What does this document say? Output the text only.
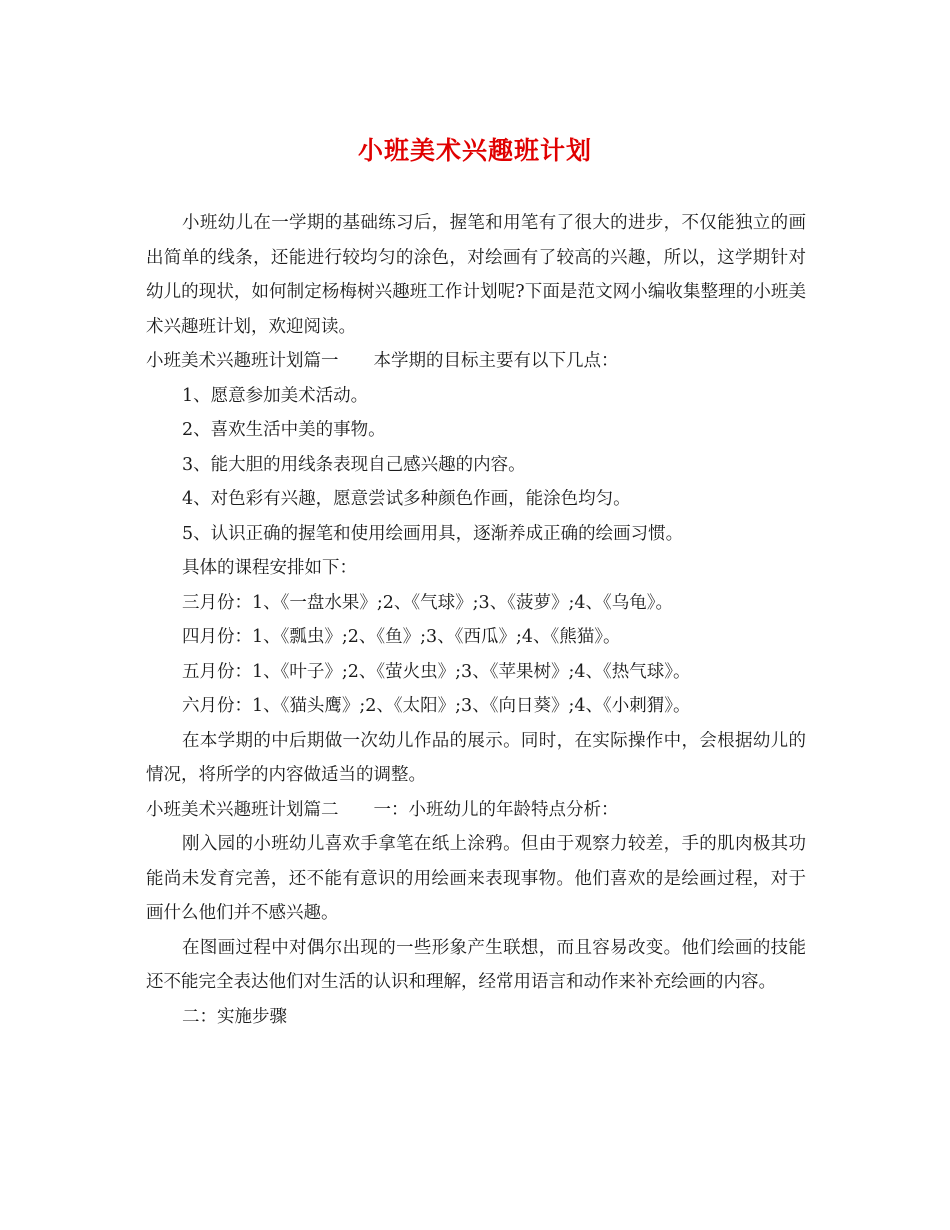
小班美术兴趣班计划

小班幼儿在一学期的基础练习后，握笔和用笔有了很大的进步，不仅能独立的画出简单的线条，还能进行较均匀的涂色，对绘画有了较高的兴趣，所以，这学期针对幼儿的现状，如何制定杨梅树兴趣班工作计划呢?下面是范文网小编收集整理的小班美术兴趣班计划，欢迎阅读。

小班美术兴趣班计划篇一　　本学期的目标主要有以下几点：

1、愿意参加美术活动。

2、喜欢生活中美的事物。

3、能大胆的用线条表现自己感兴趣的内容。

4、对色彩有兴趣，愿意尝试多种颜色作画，能涂色均匀。

5、认识正确的握笔和使用绘画用具，逐渐养成正确的绘画习惯。

具体的课程安排如下：

三月份：1、《一盘水果》;2、《气球》;3、《菠萝》;4、《乌龟》。

四月份：1、《瓢虫》;2、《鱼》;3、《西瓜》;4、《熊猫》。

五月份：1、《叶子》;2、《萤火虫》;3、《苹果树》;4、《热气球》。

六月份：1、《猫头鹰》;2、《太阳》;3、《向日葵》;4、《小刺猬》。

在本学期的中后期做一次幼儿作品的展示。同时，在实际操作中，会根据幼儿的情况，将所学的内容做适当的调整。

小班美术兴趣班计划篇二　　一：小班幼儿的年龄特点分析：

刚入园的小班幼儿喜欢手拿笔在纸上涂鸦。但由于观察力较差，手的肌肉极其功能尚未发育完善，还不能有意识的用绘画来表现事物。他们喜欢的是绘画过程，对于画什么他们并不感兴趣。

在图画过程中对偶尔出现的一些形象产生联想，而且容易改变。他们绘画的技能还不能完全表达他们对生活的认识和理解，经常用语言和动作来补充绘画的内容。

二：实施步骤
